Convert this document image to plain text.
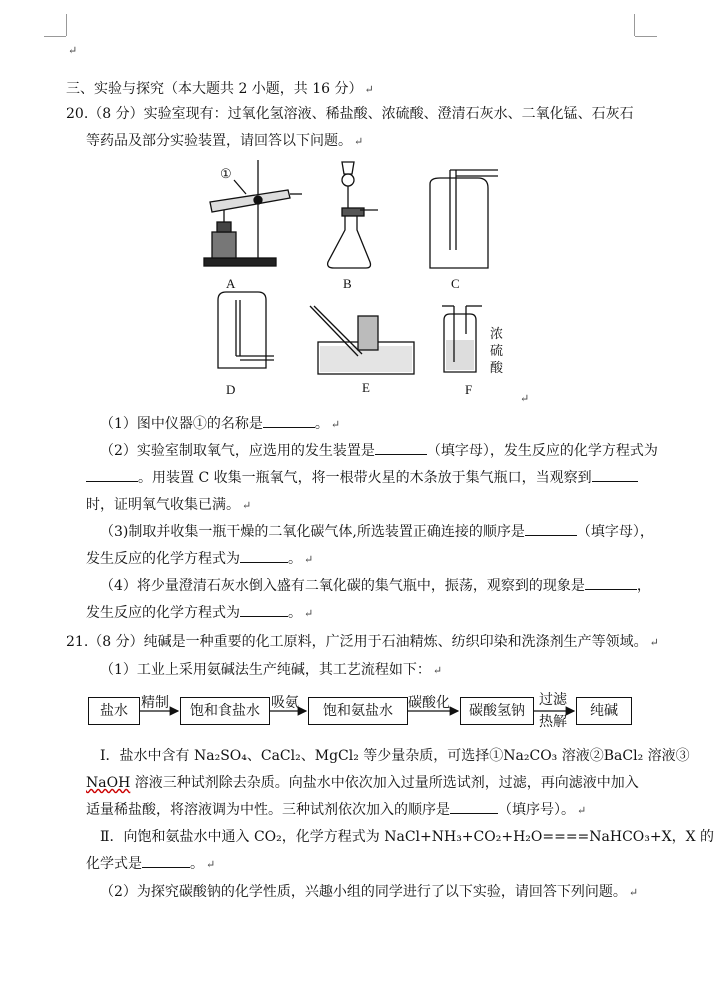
↵
三、实验与探究（本大题共 2 小题，共 16 分） ↵
20.（8 分）实验室现有：过氧化氢溶液、稀盐酸、浓硫酸、澄清石灰水、二氧化锰、石灰石
等药品及部分实验装置，请回答以下问题。 ↵
①
浓
硫
酸
A	B	C
D	E	F
↵
（1）图中仪器①的名称是	。 ↵
（2）实验室制取氧气，应选用的发生装置是	（填字母），发生反应的化学方程式为
。用装置 C 收集一瓶氧气，将一根带火星的木条放于集气瓶口，当观察到
时，证明氧气收集已满。 ↵
（3)制取并收集一瓶干燥的二氧化碳气体,所选装置正确连接的顺序是	（填字母），
发生反应的化学方程式为	。 ↵
（4）将少量澄清石灰水倒入盛有二氧化碳的集气瓶中，振荡，观察到的现象是	，
发生反应的化学方程式为	。 ↵
21.（8 分）纯碱是一种重要的化工原料，广泛用于石油精炼、纺织印染和洗涤剂生产等领域。 ↵
（1）工业上采用氨碱法生产纯碱，其工艺流程如下： ↵
盐水	饱和食盐水	饱和氨盐水	碳酸氢钠	纯碱
精制	吸氨	碳酸化	过滤
热解
Ⅰ．盐水中含有 Na₂SO₄、CaCl₂、MgCl₂ 等少量杂质，可选择①Na₂CO₃ 溶液②BaCl₂ 溶液③
NaOH 溶液三种试剂除去杂质。向盐水中依次加入过量所选试剂，过滤，再向滤液中加入
适量稀盐酸，将溶液调为中性。三种试剂依次加入的顺序是	（填序号）。 ↵
Ⅱ．向饱和氨盐水中通入 CO₂，化学方程式为 NaCl+NH₃+CO₂+H₂O====NaHCO₃+X，X 的
化学式是	。 ↵
（2）为探究碳酸钠的化学性质，兴趣小组的同学进行了以下实验，请回答下列问题。 ↵
